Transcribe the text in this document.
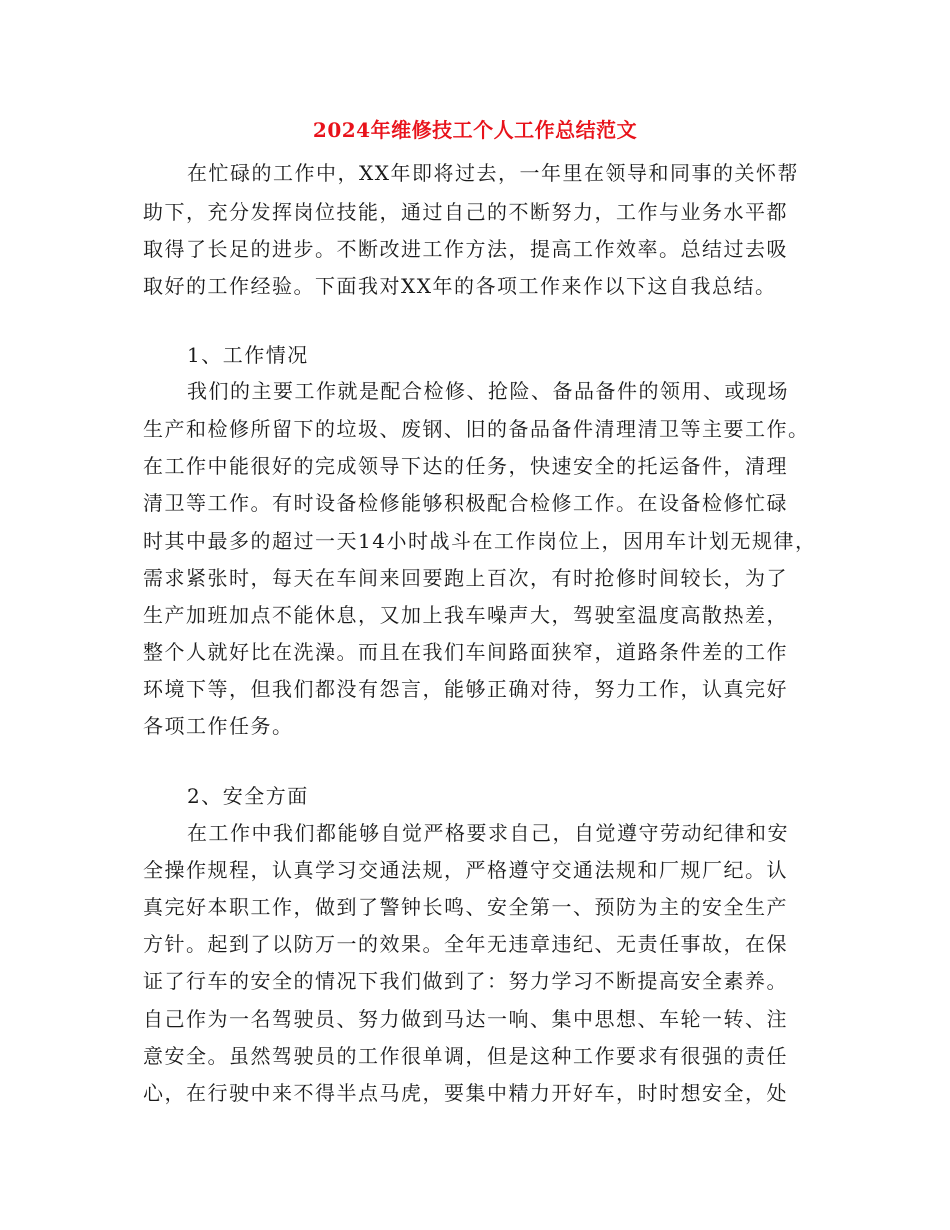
2024年维修技工个人工作总结范文
在忙碌的工作中，XX年即将过去，一年里在领导和同事的关怀帮
助下，充分发挥岗位技能，通过自己的不断努力，工作与业务水平都
取得了长足的进步。不断改进工作方法，提高工作效率。总结过去吸
取好的工作经验。下面我对XX年的各项工作来作以下这自我总结。
1、工作情况
我们的主要工作就是配合检修、抢险、备品备件的领用、或现场
生产和检修所留下的垃圾、废钢、旧的备品备件清理清卫等主要工作。
在工作中能很好的完成领导下达的任务，快速安全的托运备件，清理
清卫等工作。有时设备检修能够积极配合检修工作。在设备检修忙碌
时其中最多的超过一天14小时战斗在工作岗位上，因用车计划无规律，
需求紧张时，每天在车间来回要跑上百次，有时抢修时间较长，为了
生产加班加点不能休息，又加上我车噪声大，驾驶室温度高散热差，
整个人就好比在洗澡。而且在我们车间路面狭窄，道路条件差的工作
环境下等，但我们都没有怨言，能够正确对待，努力工作，认真完好
各项工作任务。
2、安全方面
在工作中我们都能够自觉严格要求自己，自觉遵守劳动纪律和安
全操作规程，认真学习交通法规，严格遵守交通法规和厂规厂纪。认
真完好本职工作，做到了警钟长鸣、安全第一、预防为主的安全生产
方针。起到了以防万一的效果。全年无违章违纪、无责任事故，在保
证了行车的安全的情况下我们做到了：努力学习不断提高安全素养。
自己作为一名驾驶员、努力做到马达一响、集中思想、车轮一转、注
意安全。虽然驾驶员的工作很单调，但是这种工作要求有很强的责任
心，在行驶中来不得半点马虎，要集中精力开好车，时时想安全，处
